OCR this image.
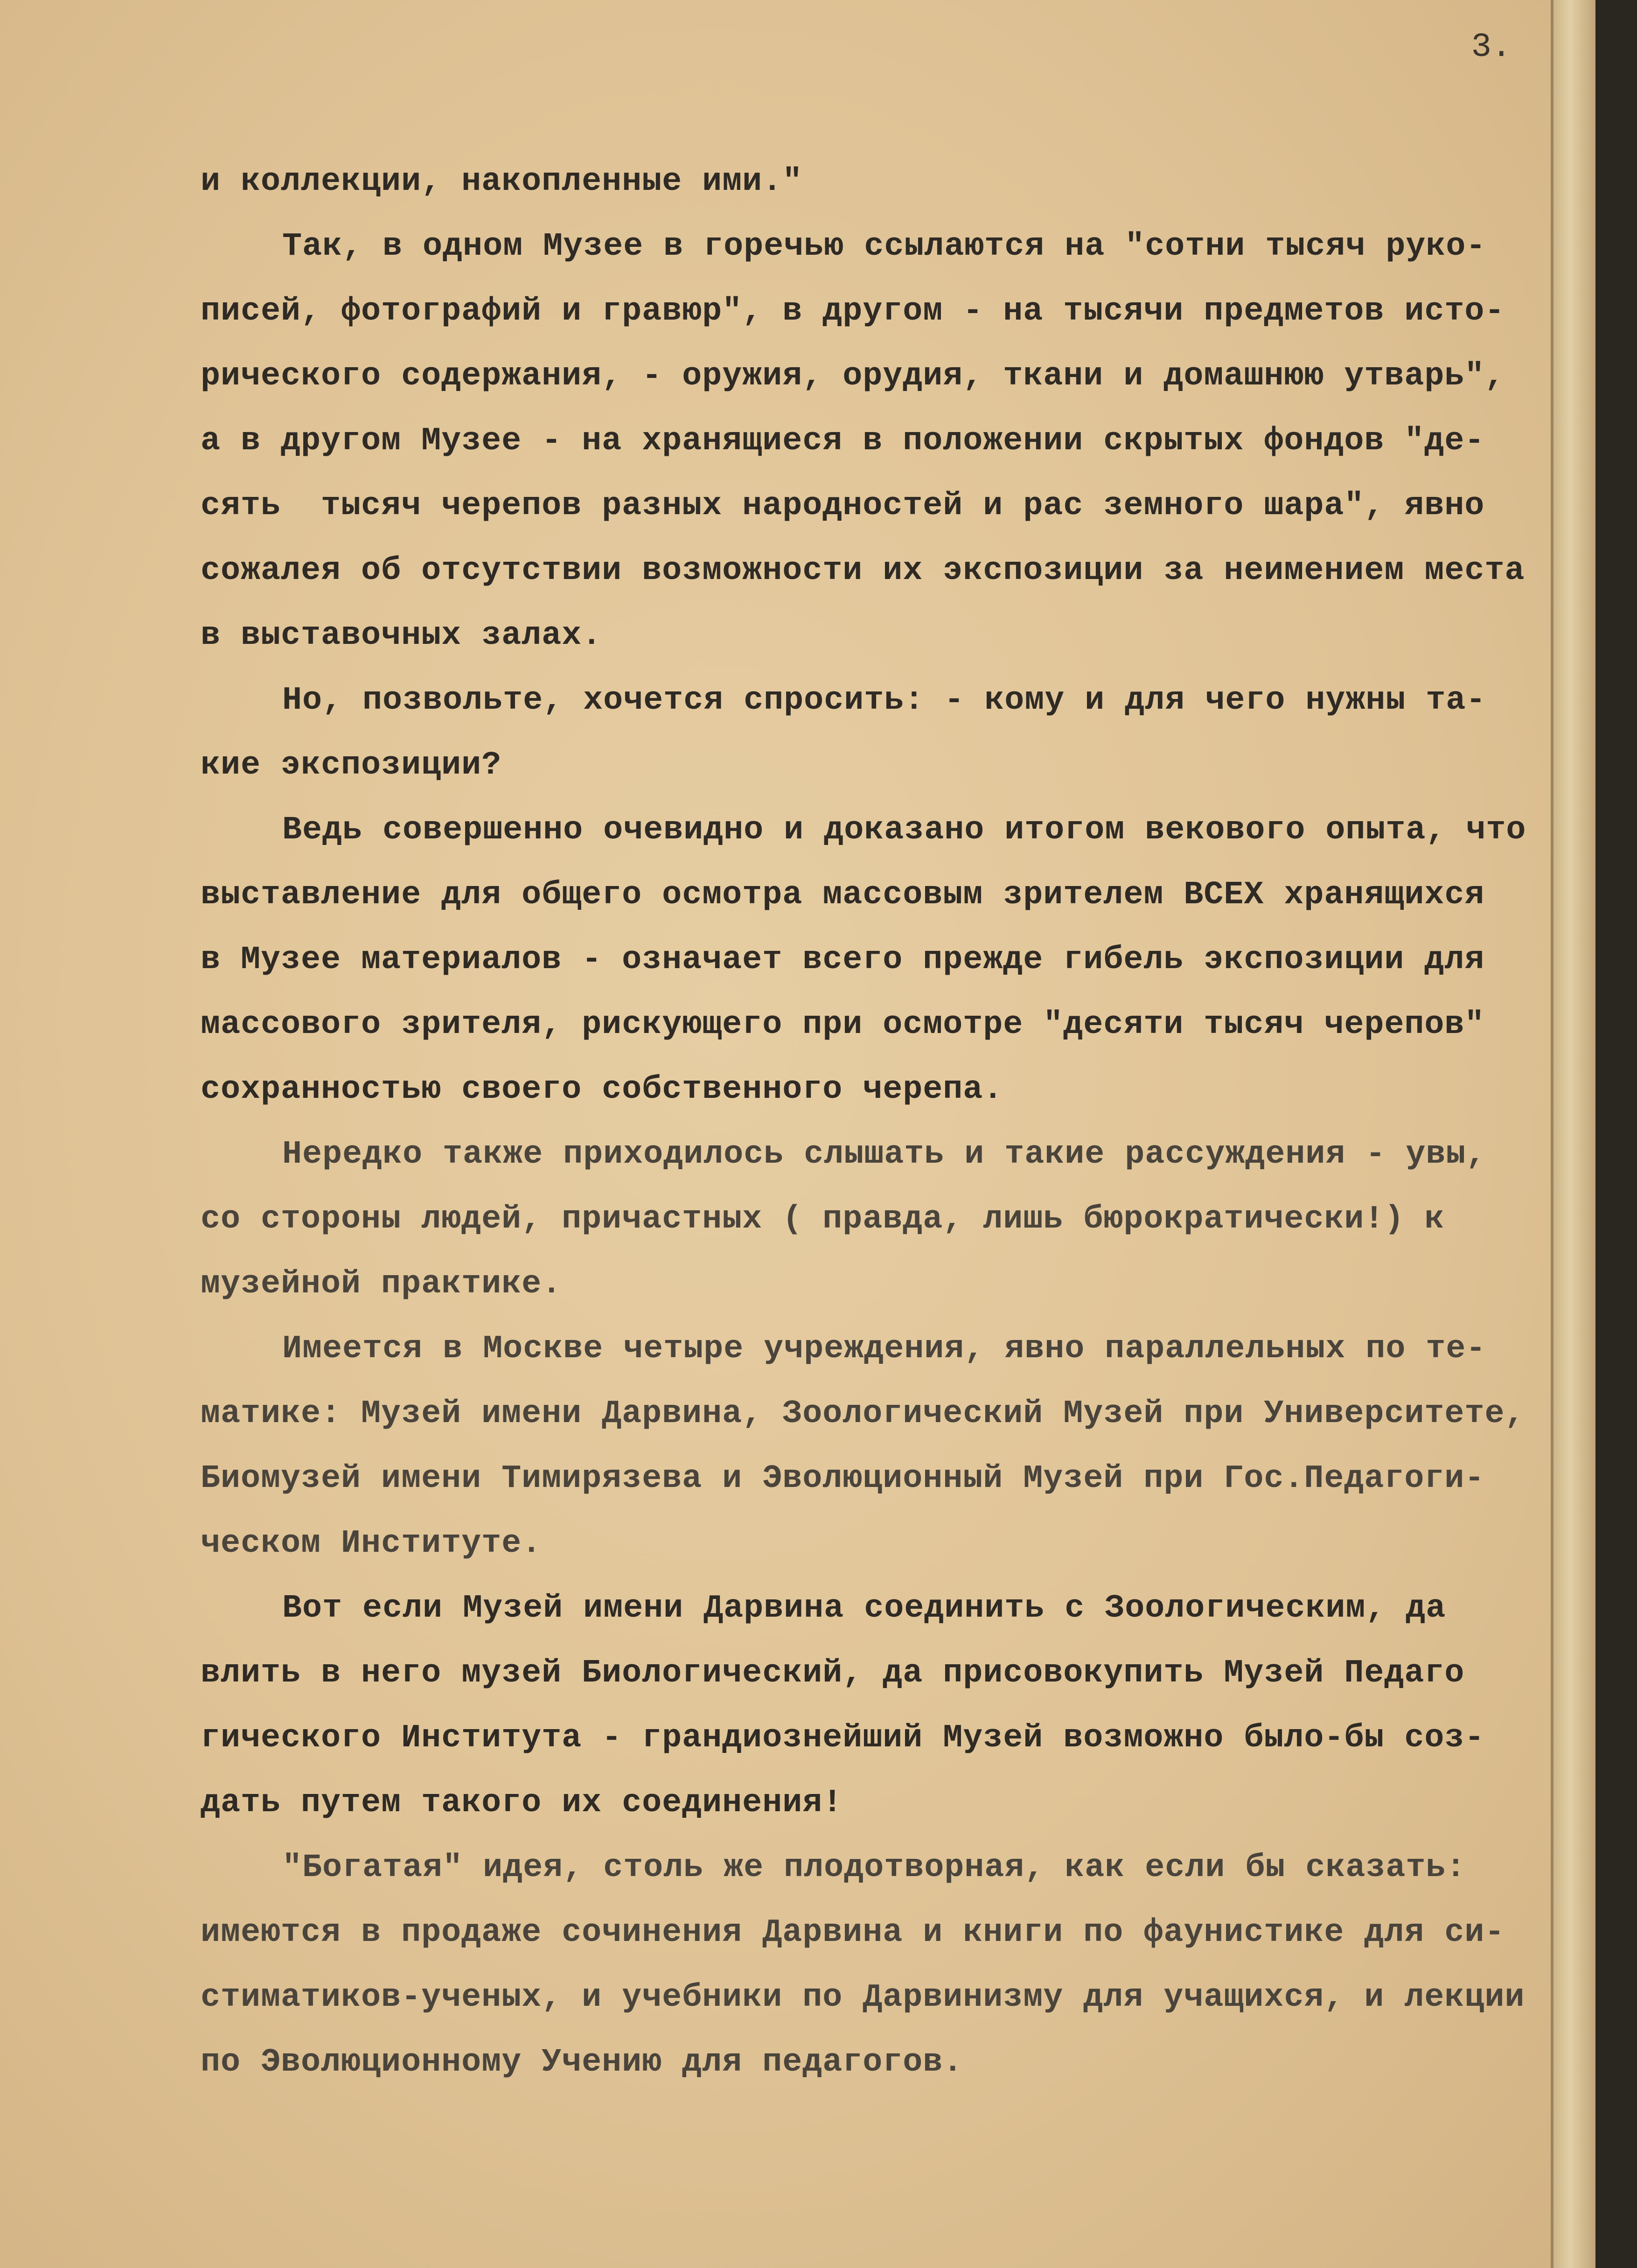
3.
и коллекции, накопленные ими."
Так, в одном Музее в горечью ссылаются на "сотни тысяч руко-
писей, фотографий и гравюр", в другом - на тысячи предметов исто-
рического содержания, - оружия, орудия, ткани и домашнюю утварь",
а в другом Музее - на хранящиеся в положении скрытых фондов "де-
сять  тысяч черепов разных народностей и рас земного шара", явно
сожалея об отсутствии возможности их экспозиции за неимением места
в выставочных залах.
Но, позвольте, хочется спросить: - кому и для чего нужны та-
кие экспозиции?
Ведь совершенно очевидно и доказано итогом векового опыта, что
выставление для общего осмотра массовым зрителем ВСЕХ хранящихся
в Музее материалов - означает всего прежде гибель экспозиции для
массового зрителя, рискующего при осмотре "десяти тысяч черепов"
сохранностью своего собственного черепа.
Нередко также приходилось слышать и такие рассуждения - увы,
со стороны людей, причастных ( правда, лишь бюрократически!) к
музейной практике.
Имеется в Москве четыре учреждения, явно параллельных по те-
матике: Музей имени Дарвина, Зоологический Музей при Университете,
Биомузей имени Тимирязева и Эволюционный Музей при Гос.Педагоги-
ческом Институте.
Вот если Музей имени Дарвина соединить с Зоологическим, да
влить в него музей Биологический, да присовокупить Музей Педаго
гического Института - грандиознейший Музей возможно было-бы соз-
дать путем такого их соединения!
"Богатая" идея, столь же плодотворная, как если бы сказать:
имеются в продаже сочинения Дарвина и книги по фаунистике для си-
стиматиков-ученых, и учебники по Дарвинизму для учащихся, и лекции
по Эволюционному Учению для педагогов.
